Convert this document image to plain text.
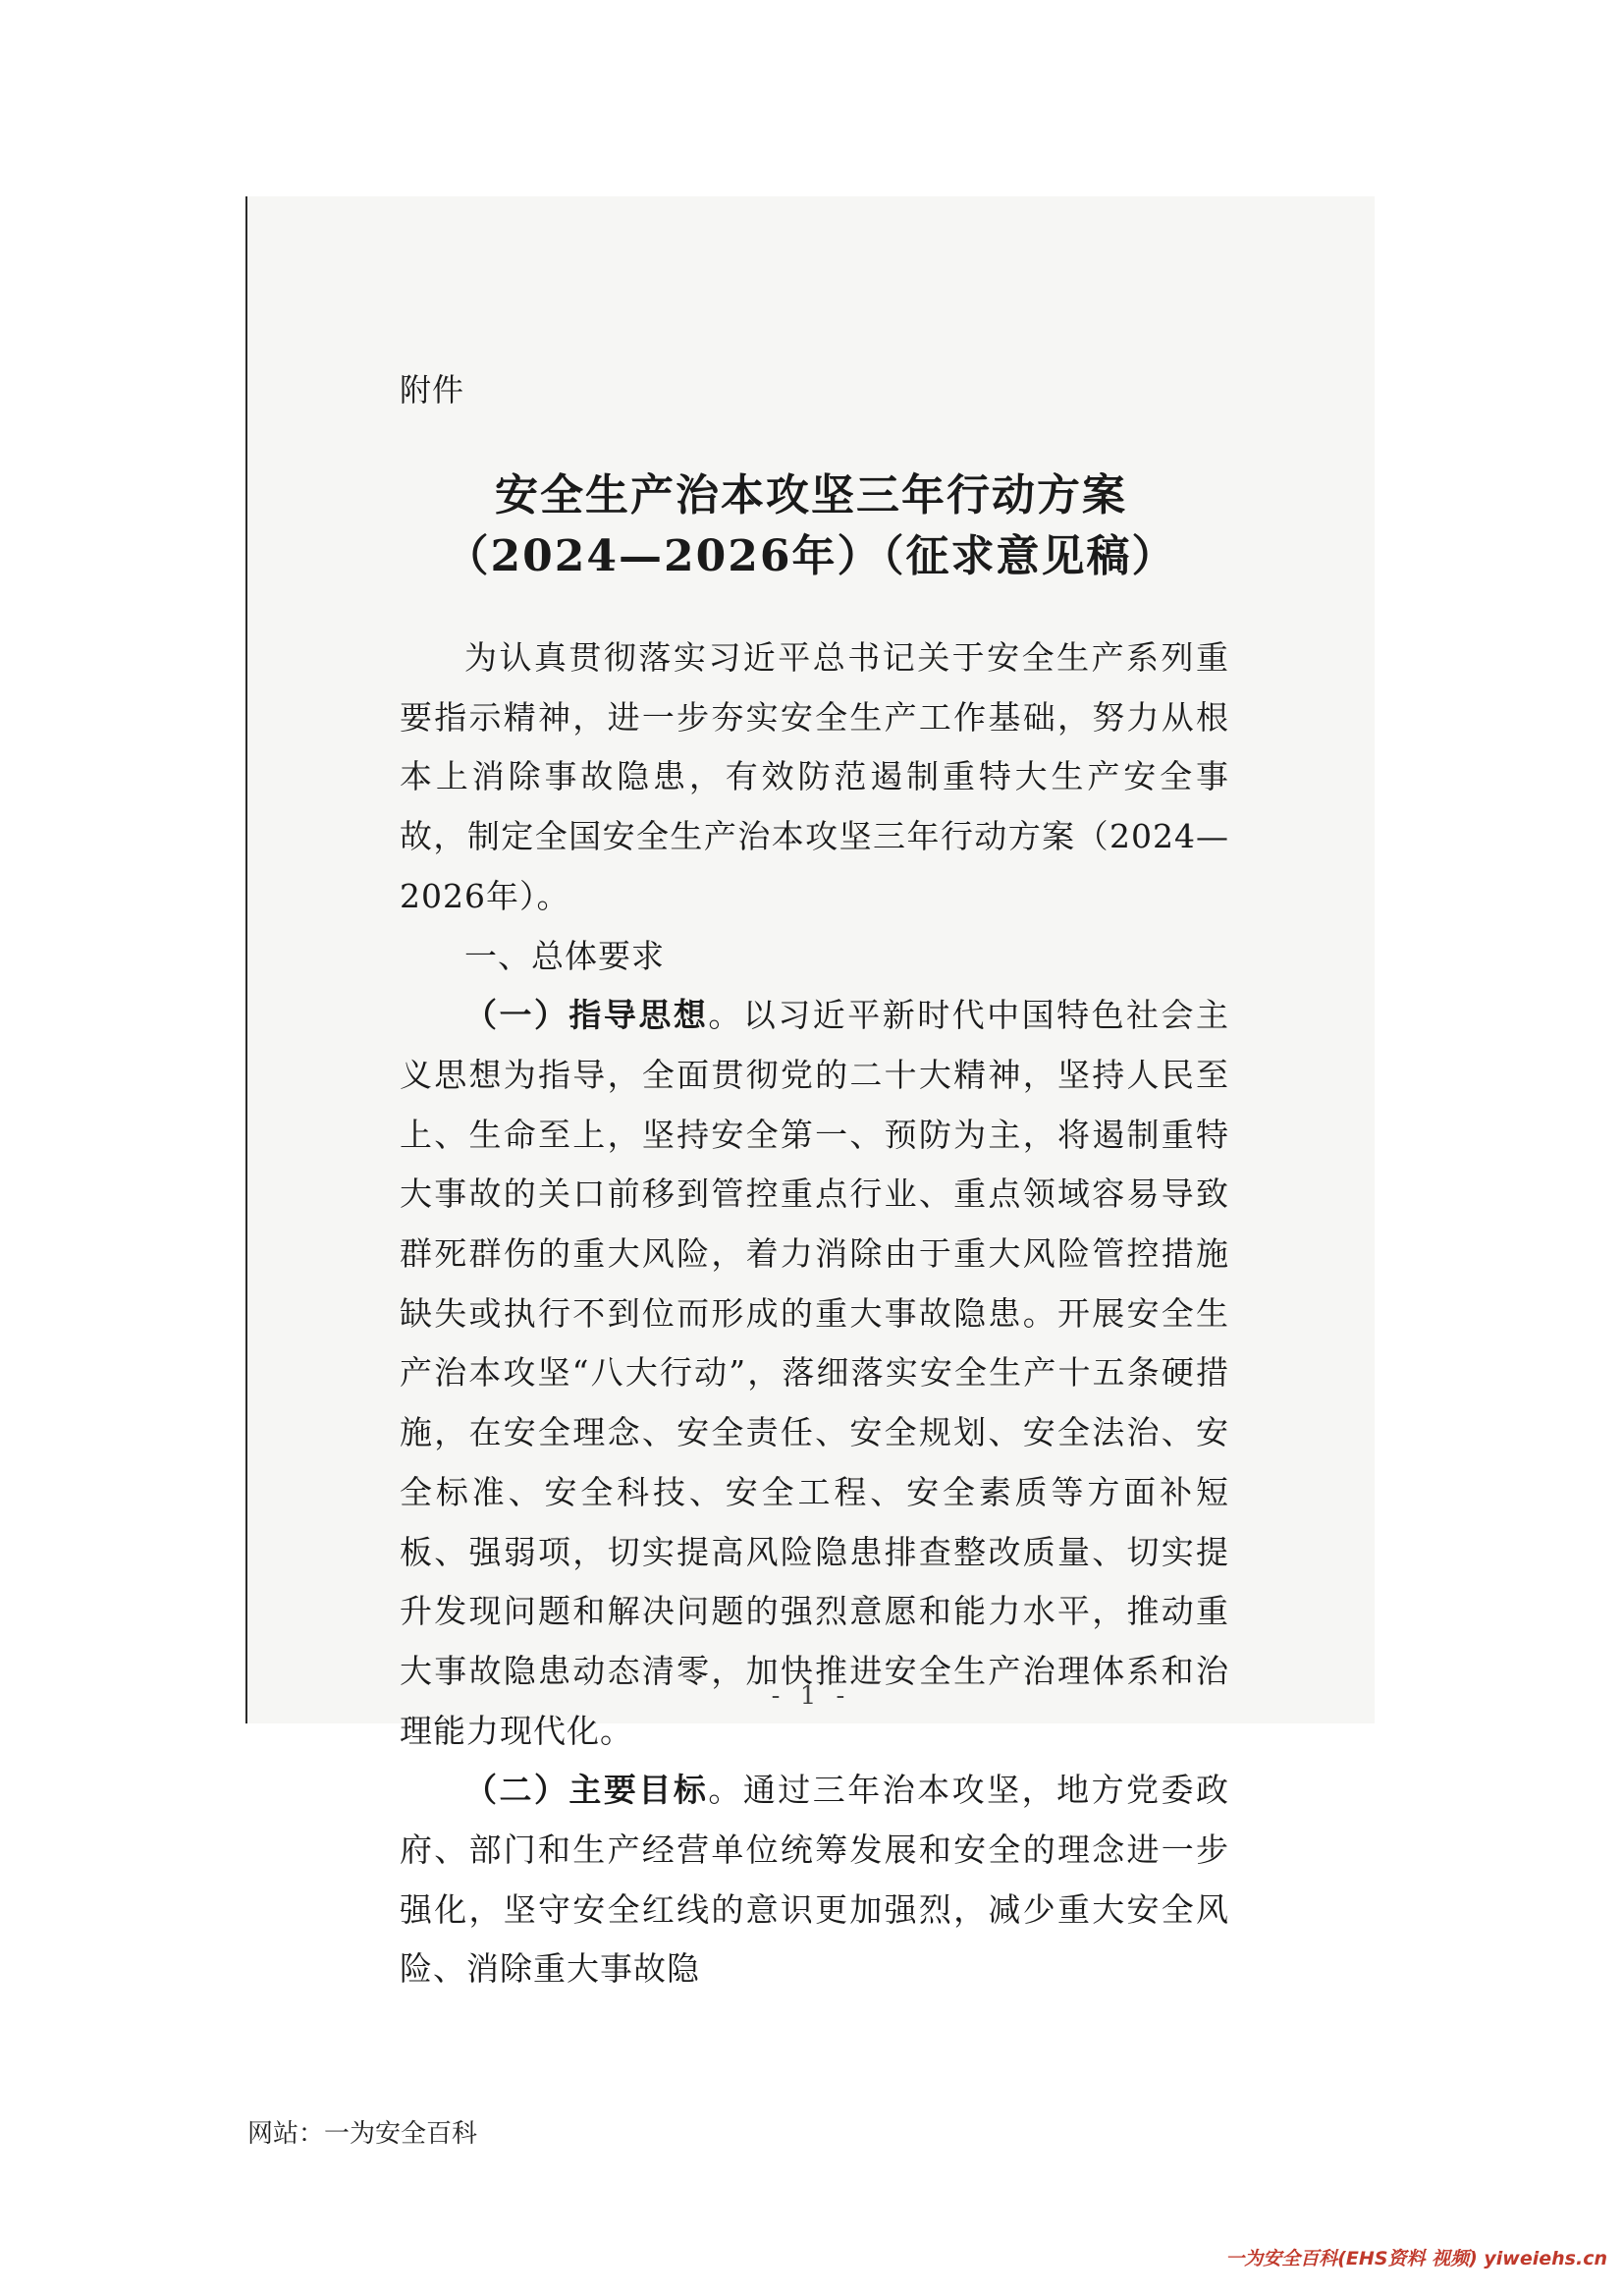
附件
安全生产治本攻坚三年行动方案
（2024—2026年）（征求意见稿）

为认真贯彻落实习近平总书记关于安全生产系列重要指示精神，进一步夯实安全生产工作基础，努力从根本上消除事故隐患，有效防范遏制重特大生产安全事故，制定全国安全生产治本攻坚三年行动方案（2024—2026年）。

一、总体要求

（一）指导思想。以习近平新时代中国特色社会主义思想为指导，全面贯彻党的二十大精神，坚持人民至上、生命至上，坚持安全第一、预防为主，将遏制重特大事故的关口前移到管控重点行业、重点领域容易导致群死群伤的重大风险，着力消除由于重大风险管控措施缺失或执行不到位而形成的重大事故隐患。开展安全生产治本攻坚“八大行动”，落细落实安全生产十五条硬措施，在安全理念、安全责任、安全规划、安全法治、安全标准、安全科技、安全工程、安全素质等方面补短板、强弱项，切实提高风险隐患排查整改质量、切实提升发现问题和解决问题的强烈意愿和能力水平，推动重大事故隐患动态清零，加快推进安全生产治理体系和治理能力现代化。

（二）主要目标。通过三年治本攻坚，地方党委政府、部门和生产经营单位统筹发展和安全的理念进一步强化，坚守安全红线的意识更加强烈，减少重大安全风险、消除重大事故隐

- 1 -
网站：一为安全百科
一为安全百科(EHS资料 视频) yiweiehs.cn
